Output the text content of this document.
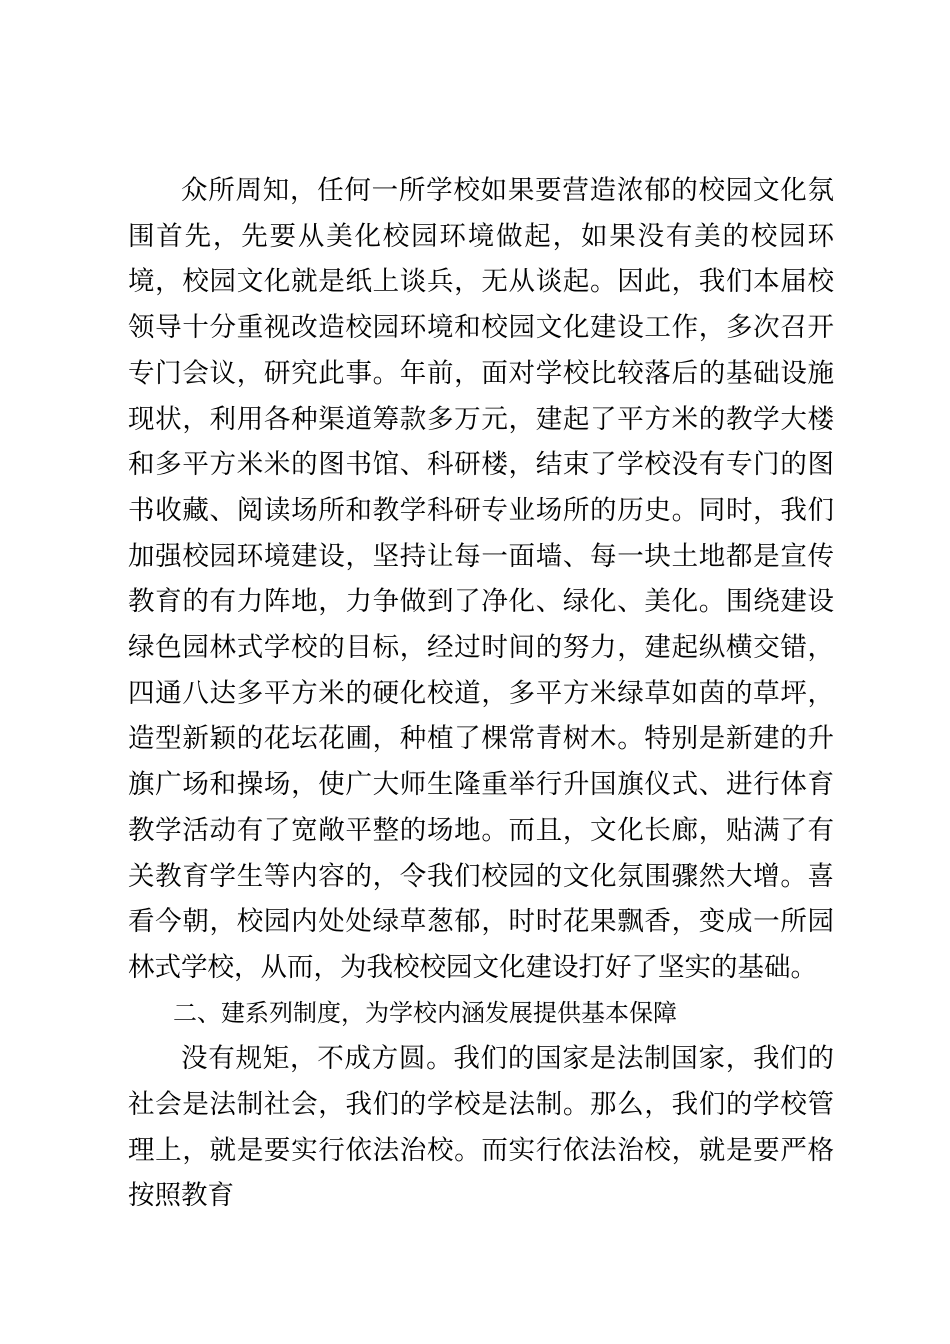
众所周知，任何一所学校如果要营造浓郁的校园文化氛围首先，先要从美化校园环境做起，如果没有美的校园环境，校园文化就是纸上谈兵，无从谈起。因此，我们本届校领导十分重视改造校园环境和校园文化建设工作，多次召开专门会议，研究此事。年前，面对学校比较落后的基础设施现状，利用各种渠道筹款多万元，建起了平方米的教学大楼和多平方米米的图书馆、科研楼，结束了学校没有专门的图书收藏、阅读场所和教学科研专业场所的历史。同时，我们加强校园环境建设，坚持让每一面墙、每一块土地都是宣传教育的有力阵地，力争做到了净化、绿化、美化。围绕建设绿色园林式学校的目标，经过时间的努力，建起纵横交错，四通八达多平方米的硬化校道，多平方米绿草如茵的草坪，造型新颖的花坛花圃，种植了棵常青树木。特别是新建的升旗广场和操场，使广大师生隆重举行升国旗仪式、进行体育教学活动有了宽敞平整的场地。而且，文化长廊，贴满了有关教育学生等内容的，令我们校园的文化氛围骤然大增。喜看今朝，校园内处处绿草葱郁，时时花果飘香，变成一所园林式学校，从而，为我校校园文化建设打好了坚实的基础。

二、建系列制度，为学校内涵发展提供基本保障

没有规矩，不成方圆。我们的国家是法制国家，我们的社会是法制社会，我们的学校是法制。那么，我们的学校管理上，就是要实行依法治校。而实行依法治校，就是要严格按照教育
